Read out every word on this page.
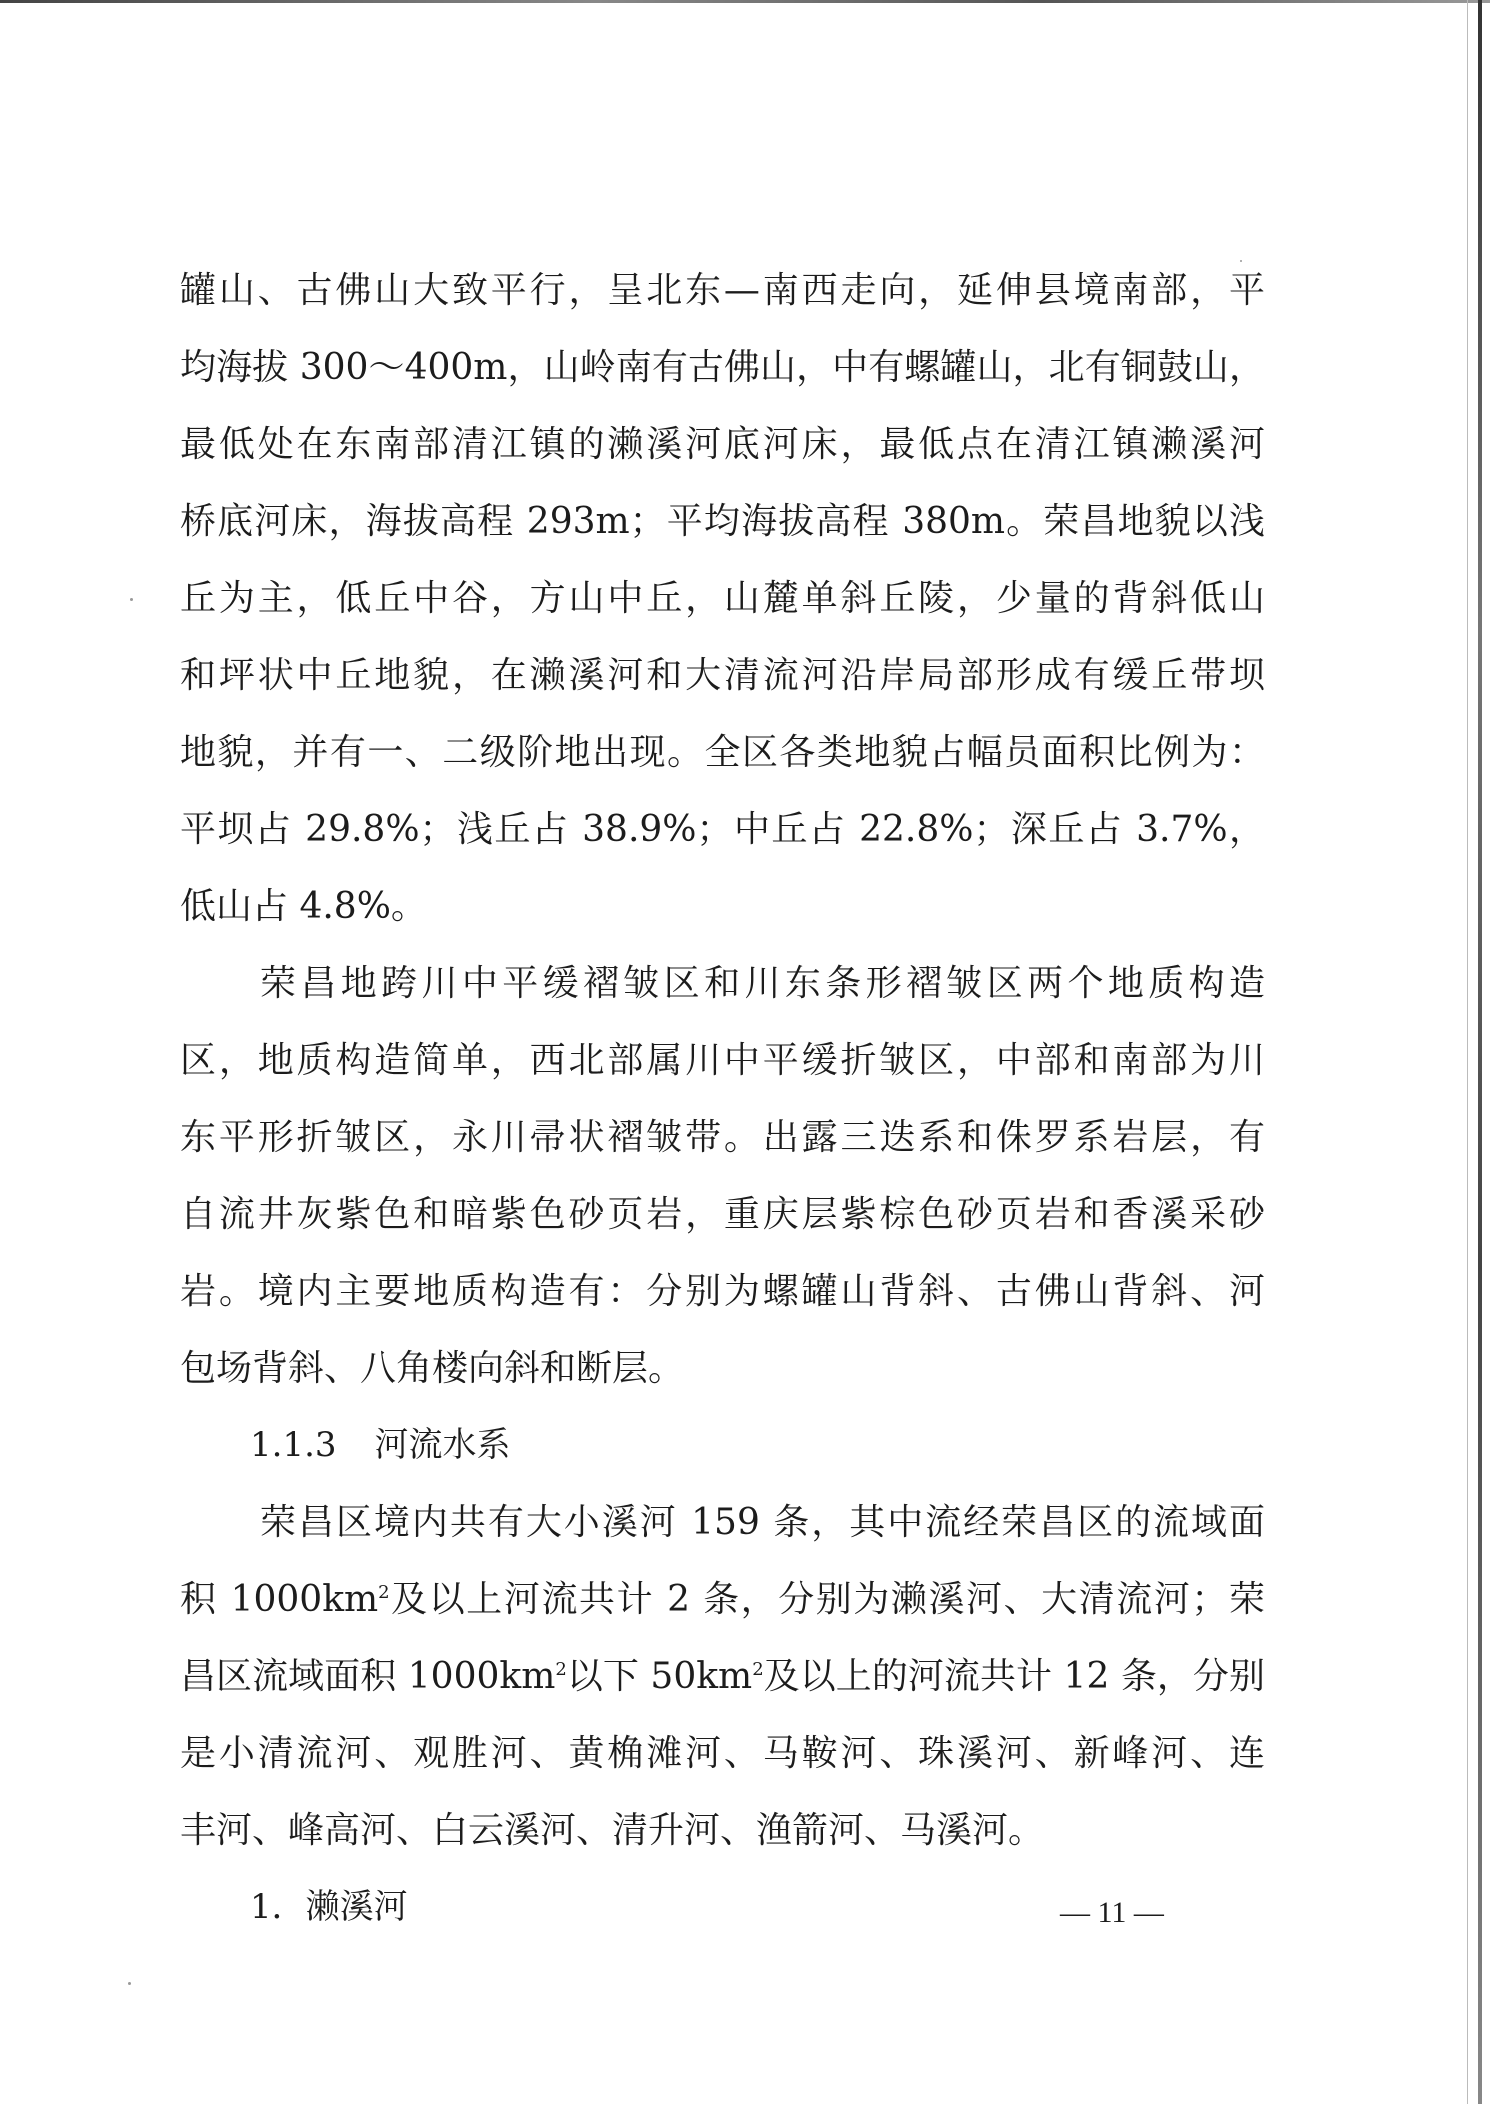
罐山、古佛山大致平行，呈北东—南西走向，延伸县境南部，平
均海拔 300～400m，山岭南有古佛山，中有螺罐山，北有铜鼓山，
最低处在东南部清江镇的濑溪河底河床，最低点在清江镇濑溪河
桥底河床，海拔高程 293m；平均海拔高程 380m。荣昌地貌以浅
丘为主，低丘中谷，方山中丘，山麓单斜丘陵，少量的背斜低山
和坪状中丘地貌，在濑溪河和大清流河沿岸局部形成有缓丘带坝
地貌，并有一、二级阶地出现。全区各类地貌占幅员面积比例为：
平坝占 29.8%；浅丘占 38.9%；中丘占 22.8%；深丘占 3.7%，
低山占 4.8%。
荣昌地跨川中平缓褶皱区和川东条形褶皱区两个地质构造
区，地质构造简单，西北部属川中平缓折皱区，中部和南部为川
东平形折皱区，永川帚状褶皱带。出露三迭系和侏罗系岩层，有
自流井灰紫色和暗紫色砂页岩，重庆层紫棕色砂页岩和香溪采砂
岩。境内主要地质构造有：分别为螺罐山背斜、古佛山背斜、河
包场背斜、八角楼向斜和断层。
1.1.3 河流水系
荣昌区境内共有大小溪河 159 条，其中流经荣昌区的流域面
积 $1000km^2$及以上河流共计 2 条，分别为濑溪河、大清流河；荣
昌区流域面积 $1000km^2$以下 $50km^2$及以上的河流共计 12 条，分别
是小清流河、观胜河、黄桷滩河、马鞍河、珠溪河、新峰河、连
丰河、峰高河、白云溪河、清升河、渔箭河、马溪河。
1．濑溪河	— 11 —
